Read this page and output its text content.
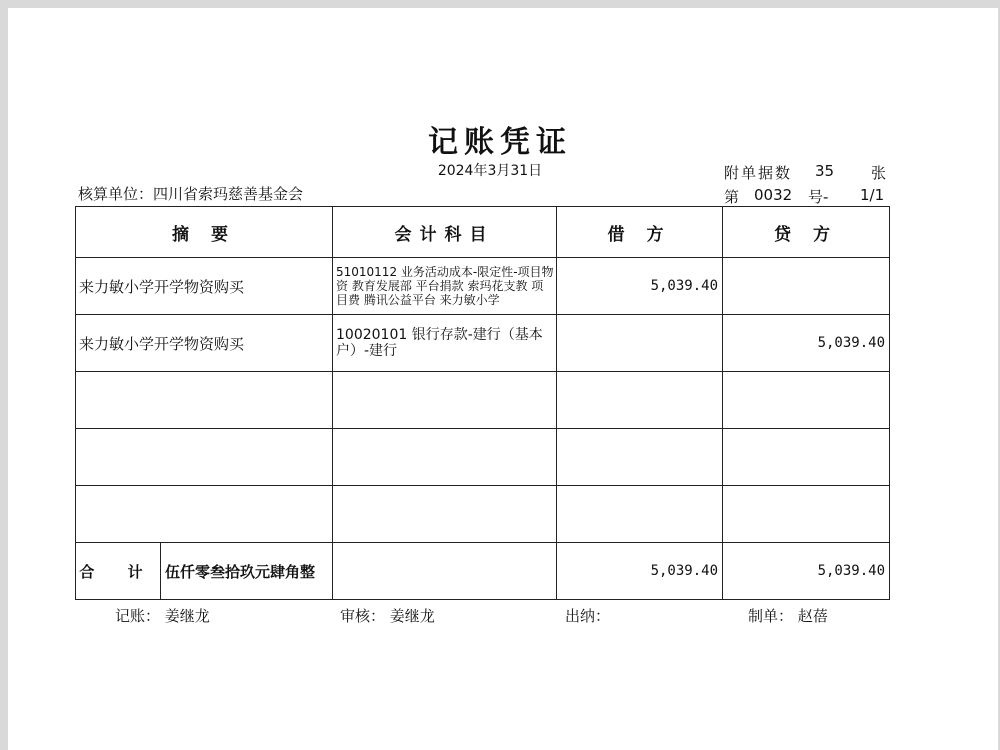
记账凭证
2024年3月31日
核算单位：四川省索玛慈善基金会
附单据数 35 张
第 0032 号- 1/1
摘 要	会计科目	借 方	贷 方
来力敏小学开学物资购买	51010112 业务活动成本-限定性-项目物资 教育发展部 平台捐款 索玛花支教 项目费 腾讯公益平台 来力敏小学	5,039.40	
来力敏小学开学物资购买	10020101 银行存款-建行（基本户）-建行		5,039.40

合 计 伍仟零叁拾玖元肆角整		5,039.40	5,039.40
记账： 姜继龙	审核： 姜继龙	出纳：	制单： 赵蓓
